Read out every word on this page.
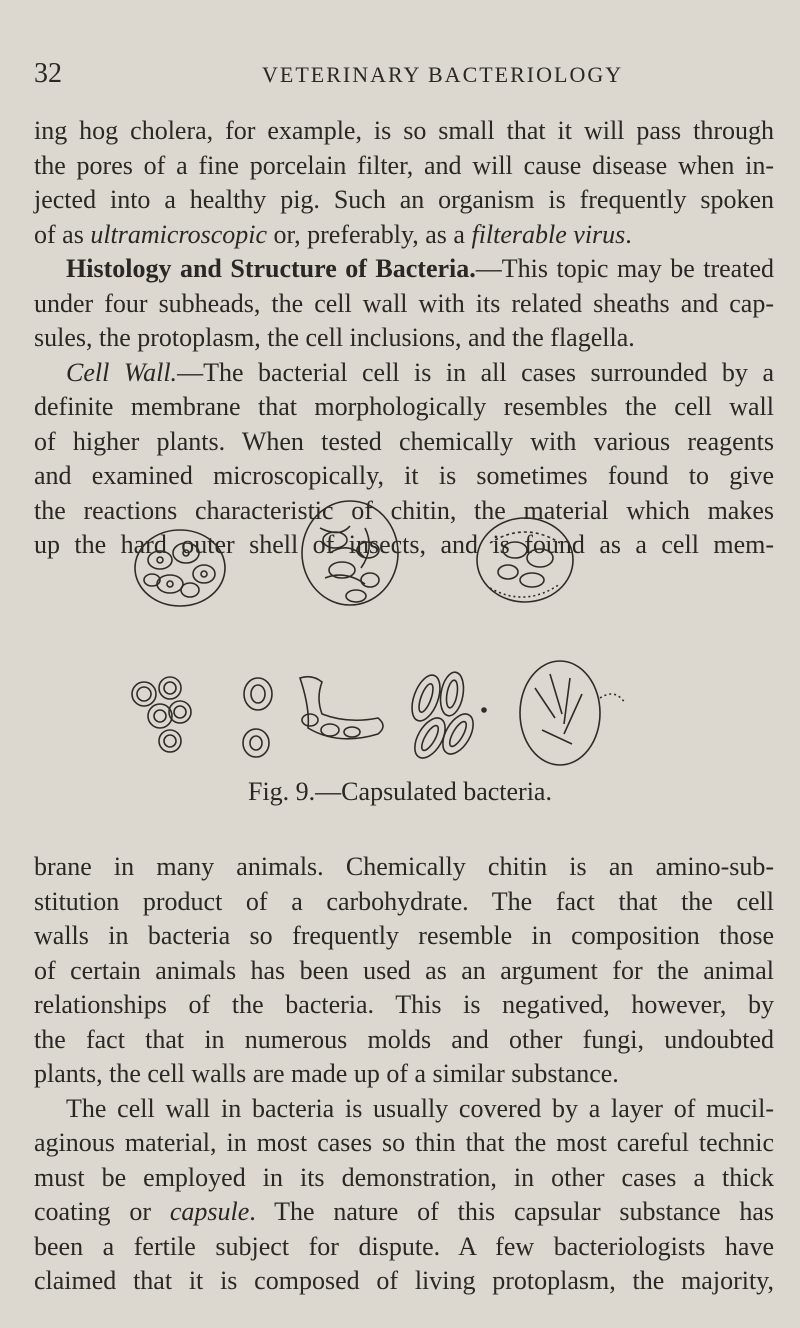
32	VETERINARY BACTERIOLOGY
ing hog cholera, for example, is so small that it will pass through
the pores of a fine porcelain filter, and will cause disease when in-
jected into a healthy pig. Such an organism is frequently spoken
of as ultramicroscopic or, preferably, as a filterable virus.
Histology and Structure of Bacteria.—This topic may be treated
under four subheads, the cell wall with its related sheaths and cap-
sules, the protoplasm, the cell inclusions, and the flagella.
Cell Wall.—The bacterial cell is in all cases surrounded by a
definite membrane that morphologically resembles the cell wall
of higher plants. When tested chemically with various reagents
and examined microscopically, it is sometimes found to give
the reactions characteristic of chitin, the material which makes
up the hard outer shell of insects, and is found as a cell mem-
Fig. 9.—Capsulated bacteria.
brane in many animals. Chemically chitin is an amino-sub-
stitution product of a carbohydrate. The fact that the cell
walls in bacteria so frequently resemble in composition those
of certain animals has been used as an argument for the animal
relationships of the bacteria. This is negatived, however, by
the fact that in numerous molds and other fungi, undoubted
plants, the cell walls are made up of a similar substance.
The cell wall in bacteria is usually covered by a layer of mucil-
aginous material, in most cases so thin that the most careful technic
must be employed in its demonstration, in other cases a thick
coating or capsule. The nature of this capsular substance has
been a fertile subject for dispute. A few bacteriologists have
claimed that it is composed of living protoplasm, the majority,
